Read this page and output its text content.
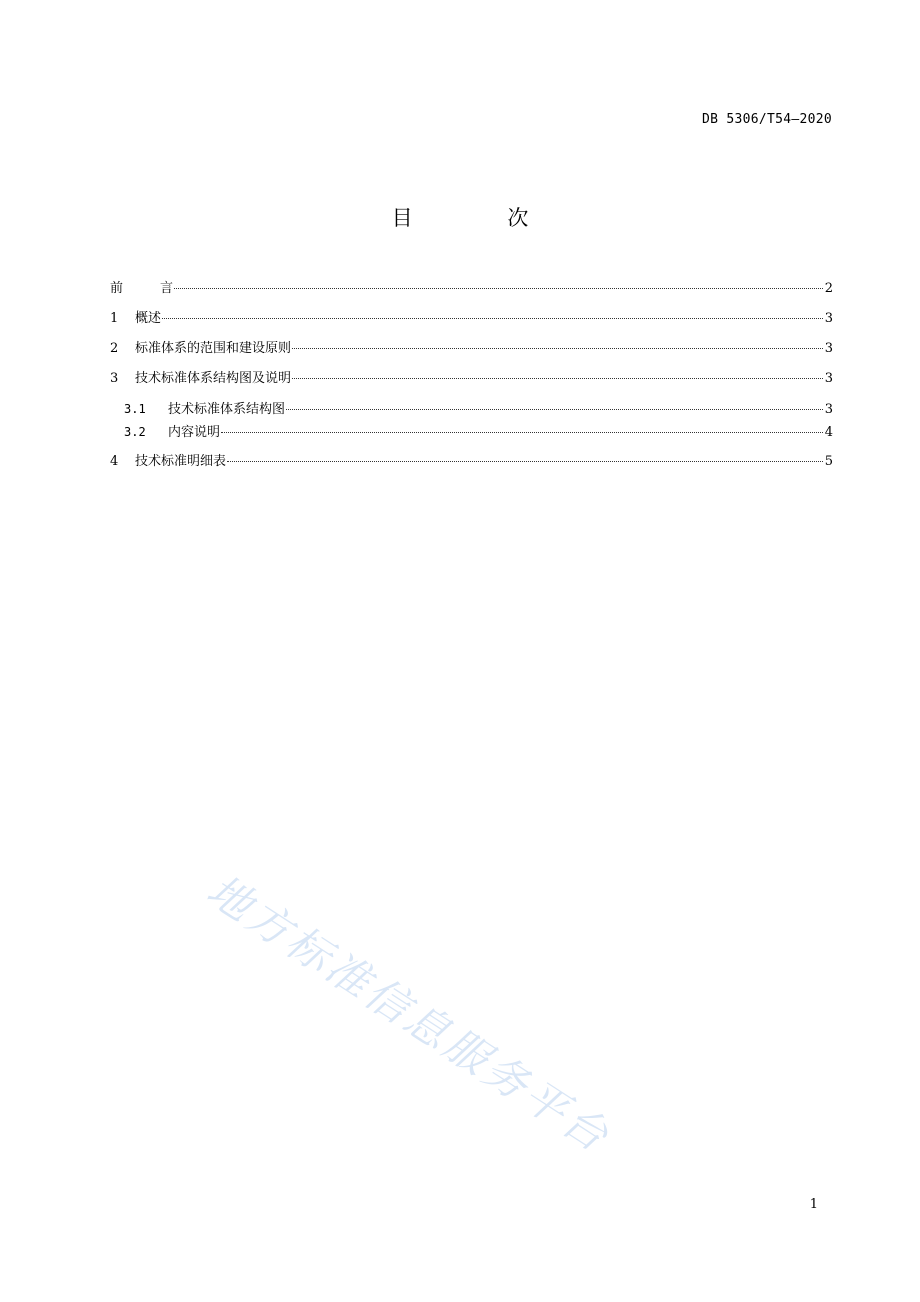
DB 5306/T54—2020
目 次
前	言	2
1	概述	3
2	标准体系的范围和建设原则	3
3	技术标准体系结构图及说明	3
3.1	技术标准体系结构图	3
3.2	内容说明	4
4	技术标准明细表	5
地方标准信息服务平台
1
